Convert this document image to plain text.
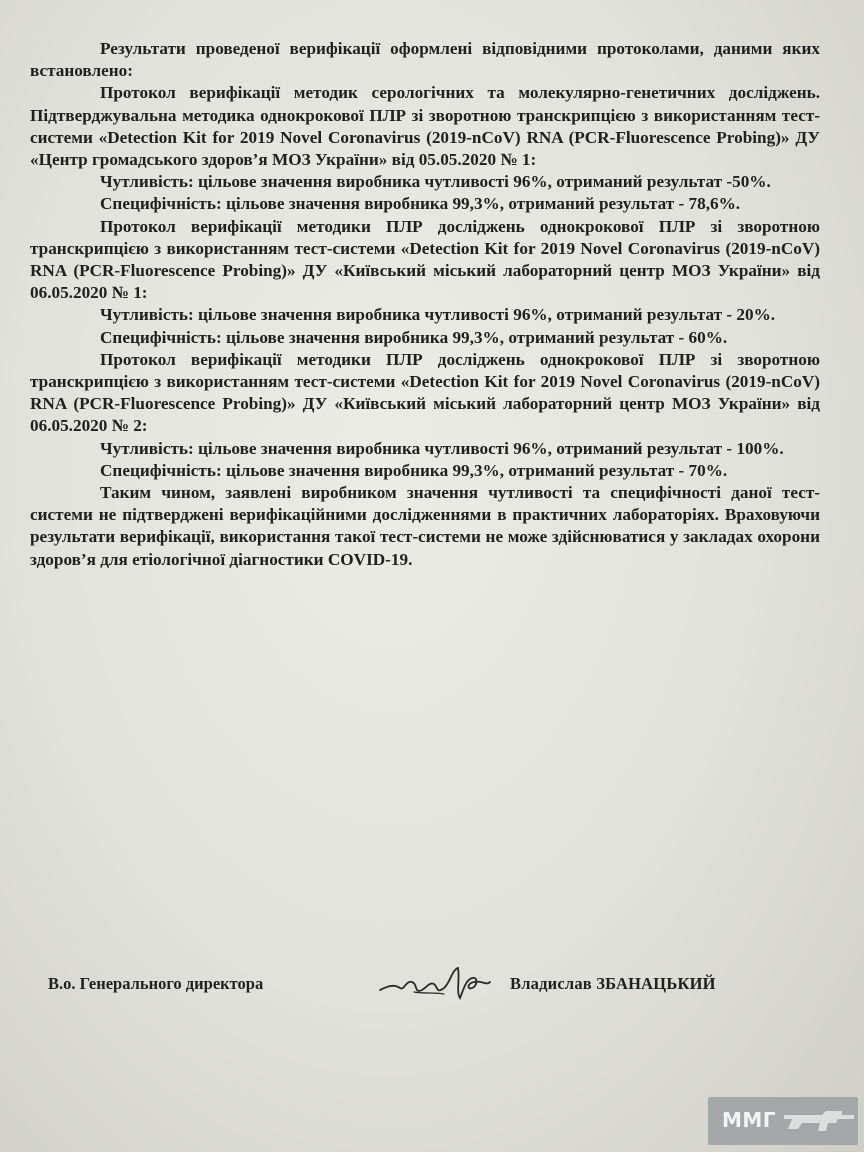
Результати проведеної верифікації оформлені відповідними протоколами, даними яких встановлено:

Протокол верифікації методик серологічних та молекулярно-генетичних досліджень. Підтверджувальна методика однокрокової ПЛР зі зворотною транскрипцією з використанням тест-системи «Detection Kit for 2019 Novel Coronavirus (2019-nCoV) RNA (PCR-Fluorescence Probing)» ДУ «Центр громадського здоров’я МОЗ України» від 05.05.2020 № 1:

Чутливість: цільове значення виробника чутливості 96%, отриманий результат -50%.

Специфічність: цільове значення виробника 99,3%, отриманий результат - 78,6%.

Протокол верифікації методики ПЛР досліджень однокрокової ПЛР зі зворотною транскрипцією з використанням тест-системи «Detection Kit for 2019 Novel Coronavirus (2019-nCoV) RNA (PCR-Fluorescence Probing)» ДУ «Київський міський лабораторний центр МОЗ України» від 06.05.2020 № 1:

Чутливість: цільове значення виробника чутливості 96%, отриманий результат - 20%.

Специфічність: цільове значення виробника 99,3%, отриманий результат - 60%.

Протокол верифікації методики ПЛР досліджень однокрокової ПЛР зі зворотною транскрипцією з використанням тест-системи «Detection Kit for 2019 Novel Coronavirus (2019-nCoV) RNA (PCR-Fluorescence Probing)» ДУ «Київський міський лабораторний центр МОЗ України» від 06.05.2020 № 2:

Чутливість: цільове значення виробника чутливості 96%, отриманий результат - 100%.

Специфічність: цільове значення виробника 99,3%, отриманий результат - 70%.

Таким чином, заявлені виробником значення чутливості та специфічності даної тест-системи не підтверджені верифікаційними дослідженнями в практичних лабораторіях. Враховуючи результати верифікації, використання такої тест-системи не може здійснюватися у закладах охорони здоров’я для етіологічної діагностики COVID-19.

В.о. Генерального директора	Владислав ЗБАНАЦЬКИЙ
ММГ
